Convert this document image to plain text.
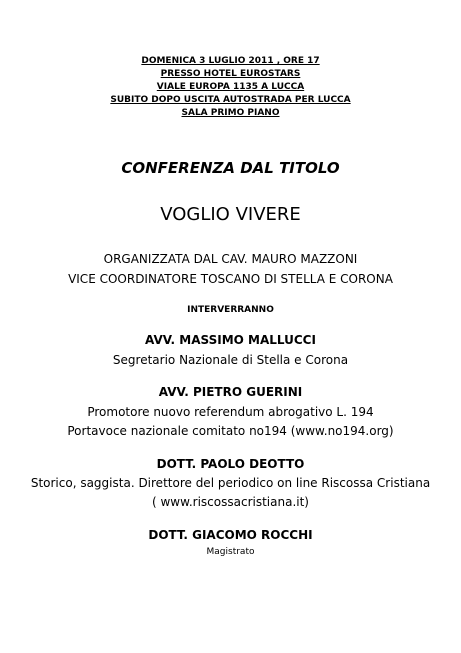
DOMENICA 3 LUGLIO 2011 , ORE 17
PRESSO HOTEL EUROSTARS
VIALE EUROPA 1135 A LUCCA
SUBITO DOPO USCITA AUTOSTRADA PER LUCCA
SALA PRIMO PIANO
CONFERENZA DAL TITOLO
VOGLIO VIVERE
ORGANIZZATA DAL CAV. MAURO MAZZONI
VICE COORDINATORE TOSCANO DI STELLA E CORONA
INTERVERRANNO
AVV. MASSIMO MALLUCCI
Segretario Nazionale di Stella e Corona
AVV. PIETRO GUERINI
Promotore nuovo referendum abrogativo L. 194
Portavoce nazionale comitato no194 (www.no194.org)
DOTT. PAOLO DEOTTO
Storico, saggista. Direttore del periodico on line Riscossa Cristiana
( www.riscossacristiana.it)
DOTT. GIACOMO ROCCHI
Magistrato
